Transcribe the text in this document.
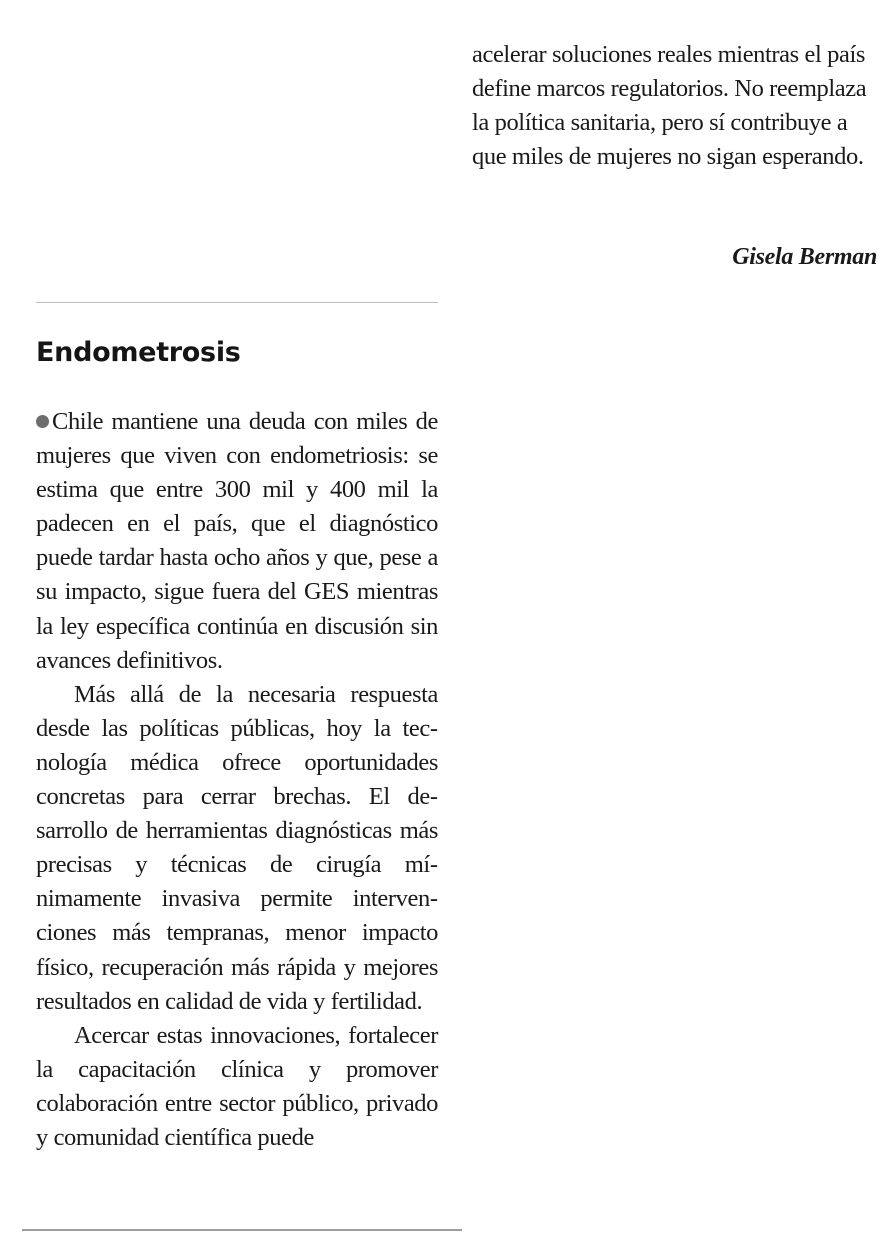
acelerar soluciones reales mientras el país define marcos regulatorios. No reemplaza la política sanitaria, pero sí contribuye a que miles de mujeres no sigan esperando.

Gisela Berman
Endometrosis

Chile mantiene una deuda con miles de mujeres que viven con endometriosis: se estima que entre 300 mil y 400 mil la padecen en el país, que el diagnóstico puede tardar hasta ocho años y que, pese a su impacto, sigue fuera del GES mientras la ley específica continúa en discusión sin avances definitivos.

Más allá de la necesaria respuesta desde las políticas públicas, hoy la tecnología médica ofrece oportunidades concretas para cerrar brechas. El desarrollo de herramientas diagnósticas más precisas y técnicas de cirugía mínimamente invasiva permite intervenciones más tempranas, menor impacto físico, recuperación más rápida y mejores resultados en calidad de vida y fertilidad.

Acercar estas innovaciones, fortalecer la capacitación clínica y promover colaboración entre sector público, privado y comunidad científica puede
